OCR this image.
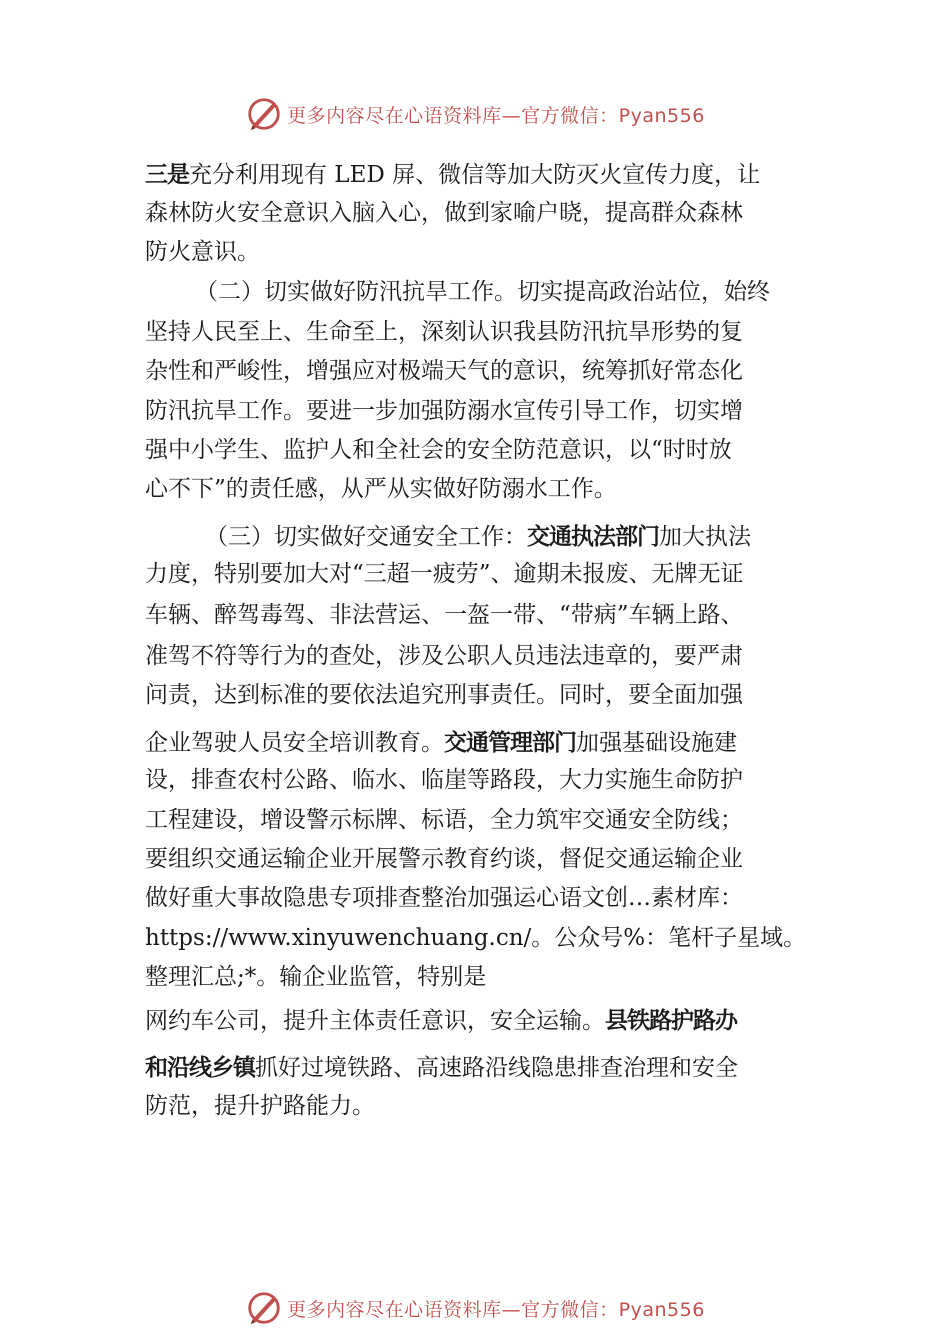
更多内容尽在心语资料库—官方微信：Pyan556
三是充分利用现有 LED 屏、微信等加大防灭火宣传力度，让
森林防火安全意识入脑入心，做到家喻户晓，提高群众森林
防火意识。
（二）切实做好防汛抗旱工作。切实提高政治站位，始终
坚持人民至上、生命至上，深刻认识我县防汛抗旱形势的复
杂性和严峻性，增强应对极端天气的意识，统筹抓好常态化
防汛抗旱工作。要进一步加强防溺水宣传引导工作，切实增
强中小学生、监护人和全社会的安全防范意识，以“时时放
心不下”的责任感，从严从实做好防溺水工作。
（三）切实做好交通安全工作：交通执法部门加大执法
力度，特别要加大对“三超一疲劳”、逾期未报废、无牌无证
车辆、醉驾毒驾、非法营运、一盔一带、“带病”车辆上路、
准驾不符等行为的查处，涉及公职人员违法违章的，要严肃
问责，达到标准的要依法追究刑事责任。同时，要全面加强
企业驾驶人员安全培训教育。交通管理部门加强基础设施建
设，排查农村公路、临水、临崖等路段，大力实施生命防护
工程建设，增设警示标牌、标语，全力筑牢交通安全防线；
要组织交通运输企业开展警示教育约谈，督促交通运输企业
做好重大事故隐患专项排查整治加强运心语文创…素材库：
https://www.xinyuwenchuang.cn/。公众号%：笔杆子星域。
整理汇总;*。输企业监管，特别是
网约车公司，提升主体责任意识，安全运输。县铁路护路办
和沿线乡镇抓好过境铁路、高速路沿线隐患排查治理和安全
防范，提升护路能力。
更多内容尽在心语资料库—官方微信：Pyan556
